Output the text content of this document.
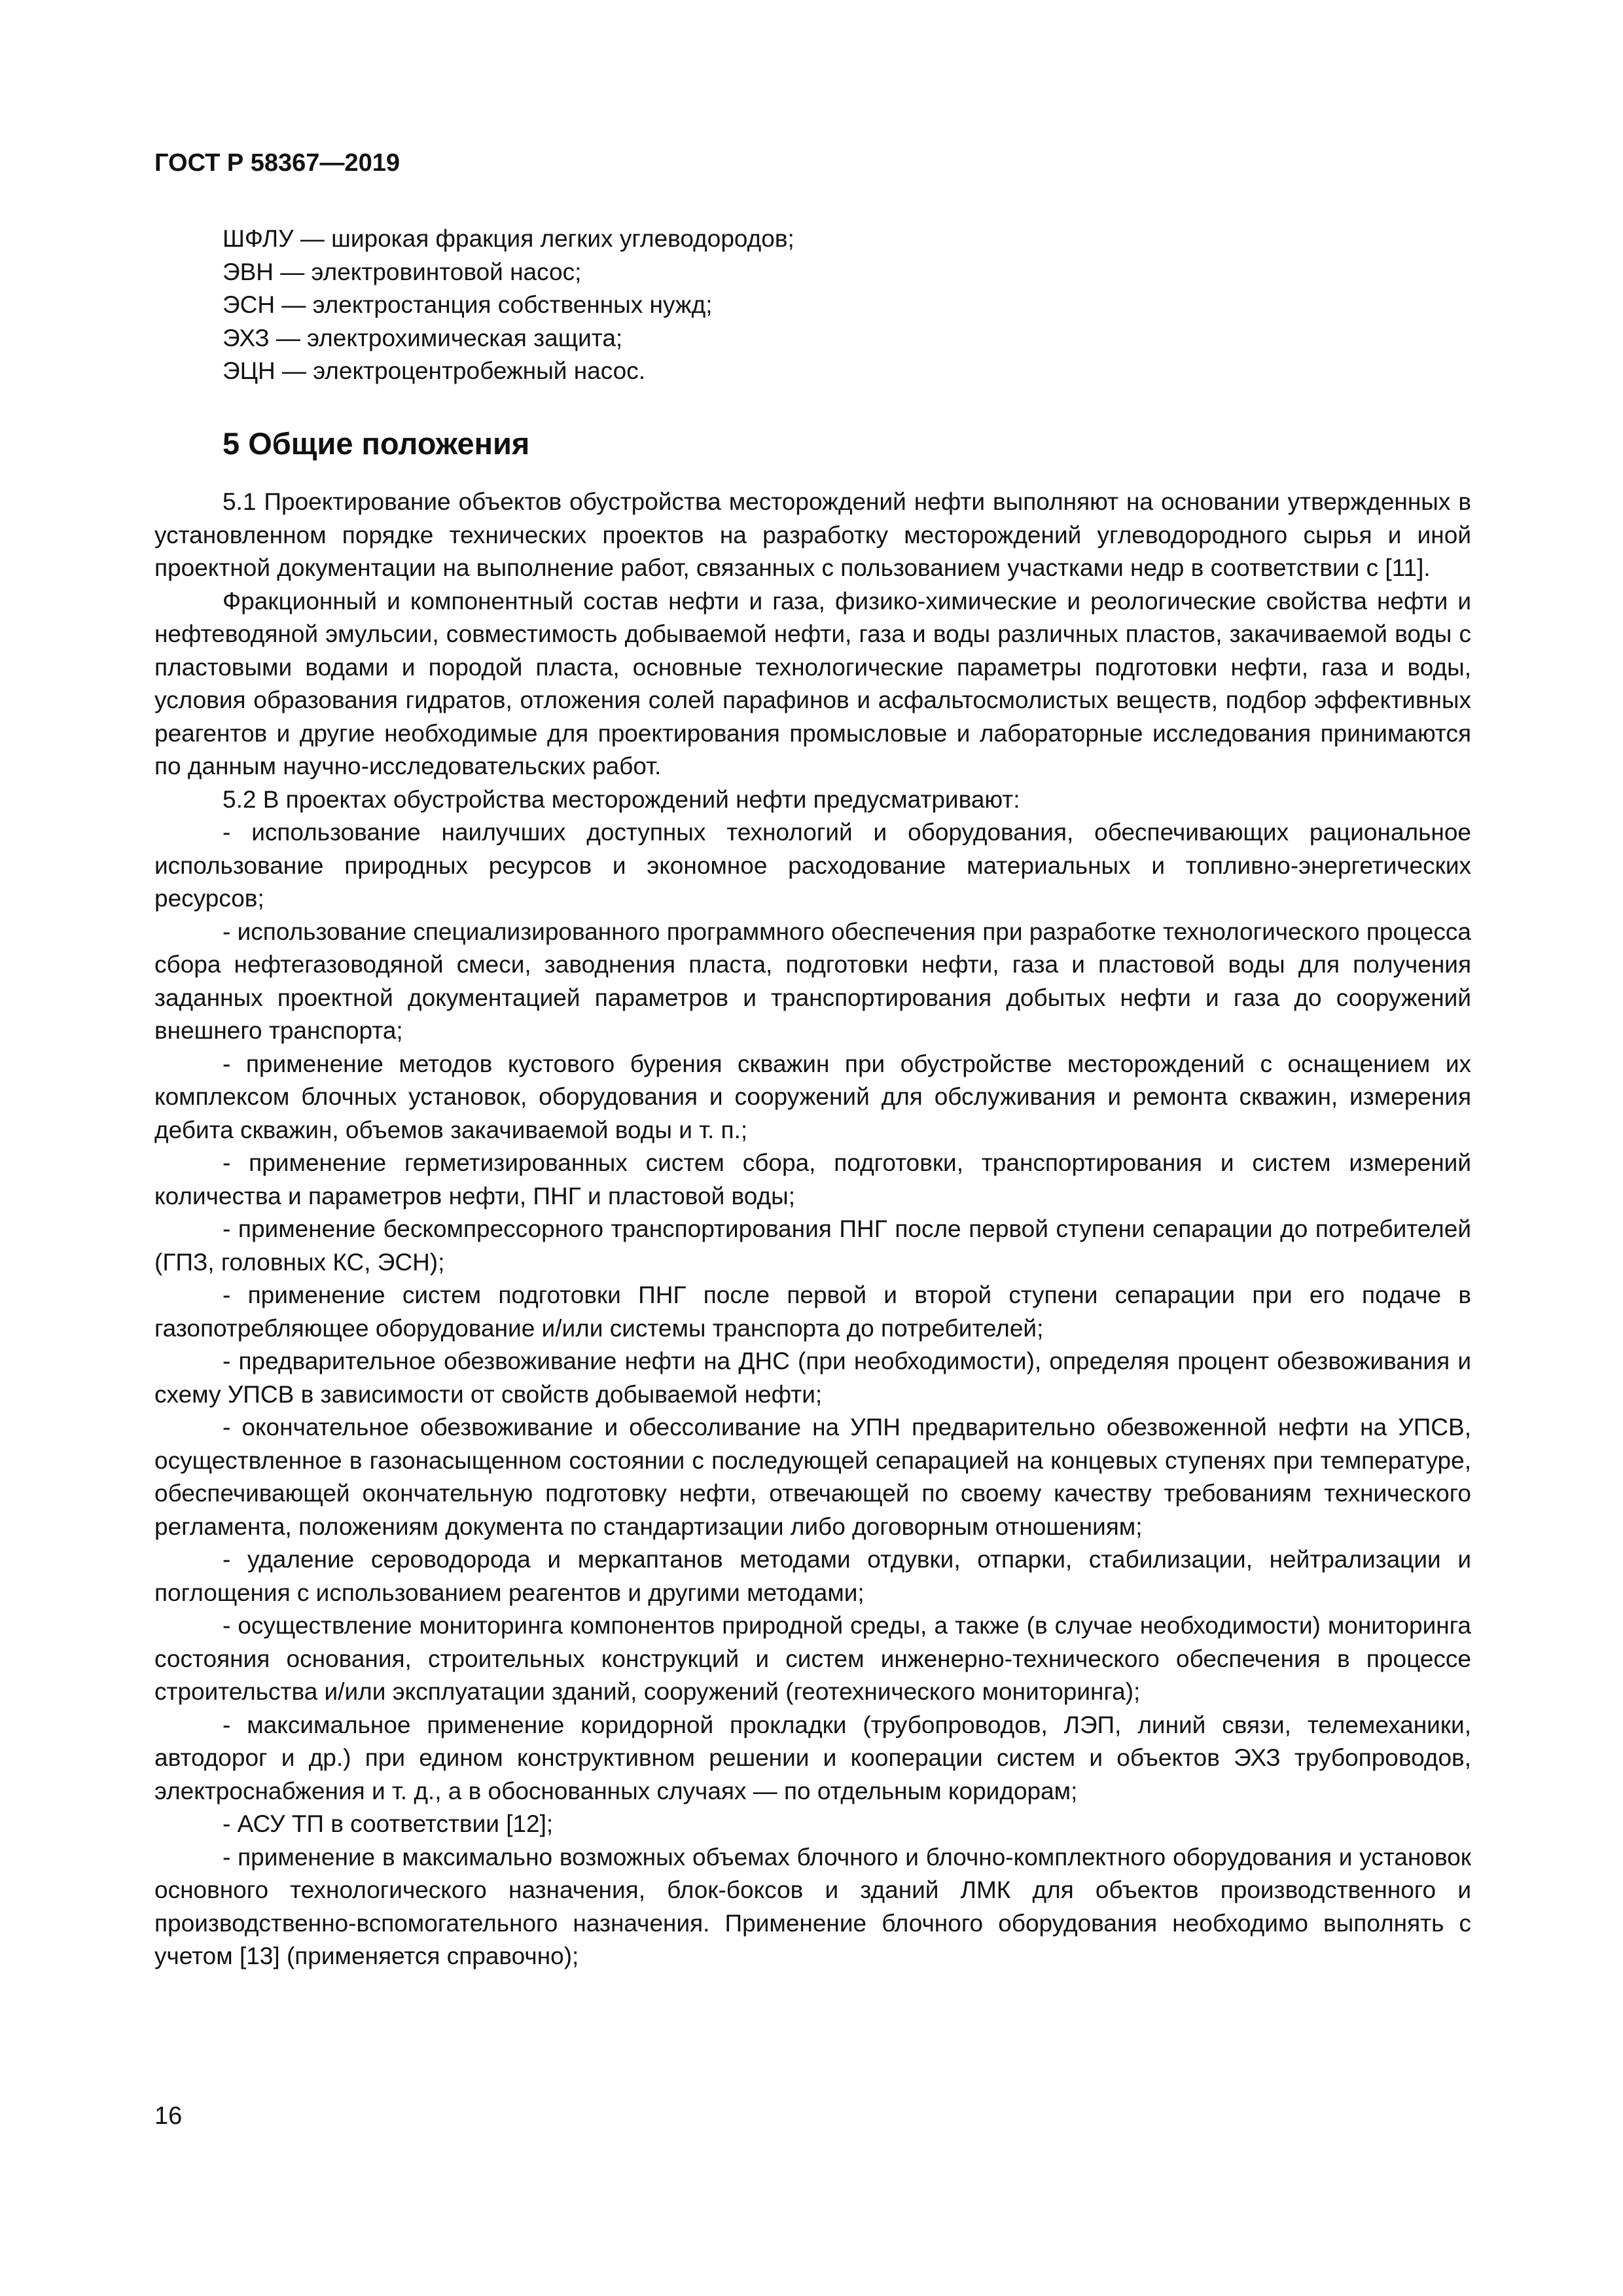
ГОСТ Р 58367—2019
ШФЛУ — широкая фракция легких углеводородов;
ЭВН — электровинтовой насос;
ЭСН — электростанция собственных нужд;
ЭХЗ — электрохимическая защита;
ЭЦН — электроцентробежный насос.
5 Общие положения

5.1 Проектирование объектов обустройства месторождений нефти выполняют на основании утвержденных в установленном порядке технических проектов на разработку месторождений углеводородного сырья и иной проектной документации на выполнение работ, связанных с пользованием участками недр в соответствии с [11].

Фракционный и компонентный состав нефти и газа, физико-химические и реологические свойства нефти и нефтеводяной эмульсии, совместимость добываемой нефти, газа и воды различных пластов, закачиваемой воды с пластовыми водами и породой пласта, основные технологические параметры подготовки нефти, газа и воды, условия образования гидратов, отложения солей парафинов и асфальтосмолистых веществ, подбор эффективных реагентов и другие необходимые для проектирования промысловые и лабораторные исследования принимаются по данным научно-исследовательских работ.

5.2 В проектах обустройства месторождений нефти предусматривают:

- использование наилучших доступных технологий и оборудования, обеспечивающих рациональное использование природных ресурсов и экономное расходование материальных и топливно-энергетических ресурсов;

- использование специализированного программного обеспечения при разработке технологического процесса сбора нефтегазоводяной смеси, заводнения пласта, подготовки нефти, газа и пластовой воды для получения заданных проектной документацией параметров и транспортирования добытых нефти и газа до сооружений внешнего транспорта;

- применение методов кустового бурения скважин при обустройстве месторождений с оснащением их комплексом блочных установок, оборудования и сооружений для обслуживания и ремонта скважин, измерения дебита скважин, объемов закачиваемой воды и т. п.;

- применение герметизированных систем сбора, подготовки, транспортирования и систем измерений количества и параметров нефти, ПНГ и пластовой воды;

- применение бескомпрессорного транспортирования ПНГ после первой ступени сепарации до потребителей (ГПЗ, головных КС, ЭСН);

- применение систем подготовки ПНГ после первой и второй ступени сепарации при его подаче в газопотребляющее оборудование и/или системы транспорта до потребителей;

- предварительное обезвоживание нефти на ДНС (при необходимости), определяя процент обезвоживания и схему УПСВ в зависимости от свойств добываемой нефти;

- окончательное обезвоживание и обессоливание на УПН предварительно обезвоженной нефти на УПСВ, осуществленное в газонасыщенном состоянии с последующей сепарацией на концевых ступенях при температуре, обеспечивающей окончательную подготовку нефти, отвечающей по своему качеству требованиям технического регламента, положениям документа по стандартизации либо договорным отношениям;

- удаление сероводорода и меркаптанов методами отдувки, отпарки, стабилизации, нейтрализации и поглощения с использованием реагентов и другими методами;

- осуществление мониторинга компонентов природной среды, а также (в случае необходимости) мониторинга состояния основания, строительных конструкций и систем инженерно-технического обеспечения в процессе строительства и/или эксплуатации зданий, сооружений (геотехнического мониторинга);

- максимальное применение коридорной прокладки (трубопроводов, ЛЭП, линий связи, телемеханики, автодорог и др.) при едином конструктивном решении и кооперации систем и объектов ЭХЗ трубопроводов, электроснабжения и т. д., а в обоснованных случаях — по отдельным коридорам;

- АСУ ТП в соответствии [12];

- применение в максимально возможных объемах блочного и блочно-комплектного оборудования и установок основного технологического назначения, блок-боксов и зданий ЛМК для объектов производственного и производственно-вспомогательного назначения. Применение блочного оборудования необходимо выполнять с учетом [13] (применяется справочно);

16
